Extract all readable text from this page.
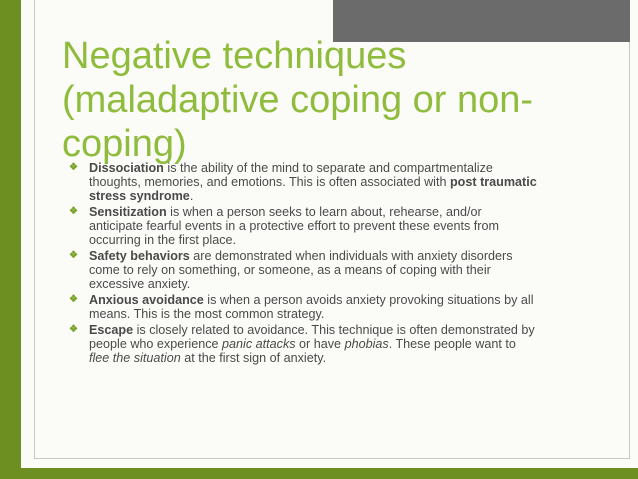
Negative techniques (maladaptive coping or non-coping)
❖ Dissociation is the ability of the mind to separate and compartmentalize thoughts, memories, and emotions. This is often associated with post traumatic stress syndrome.
❖ Sensitization is when a person seeks to learn about, rehearse, and/or anticipate fearful events in a protective effort to prevent these events from occurring in the first place.
❖ Safety behaviors are demonstrated when individuals with anxiety disorders come to rely on something, or someone, as a means of coping with their excessive anxiety.
❖ Anxious avoidance is when a person avoids anxiety provoking situations by all means. This is the most common strategy.
❖ Escape is closely related to avoidance. This technique is often demonstrated by people who experience panic attacks or have phobias. These people want to flee the situation at the first sign of anxiety.
